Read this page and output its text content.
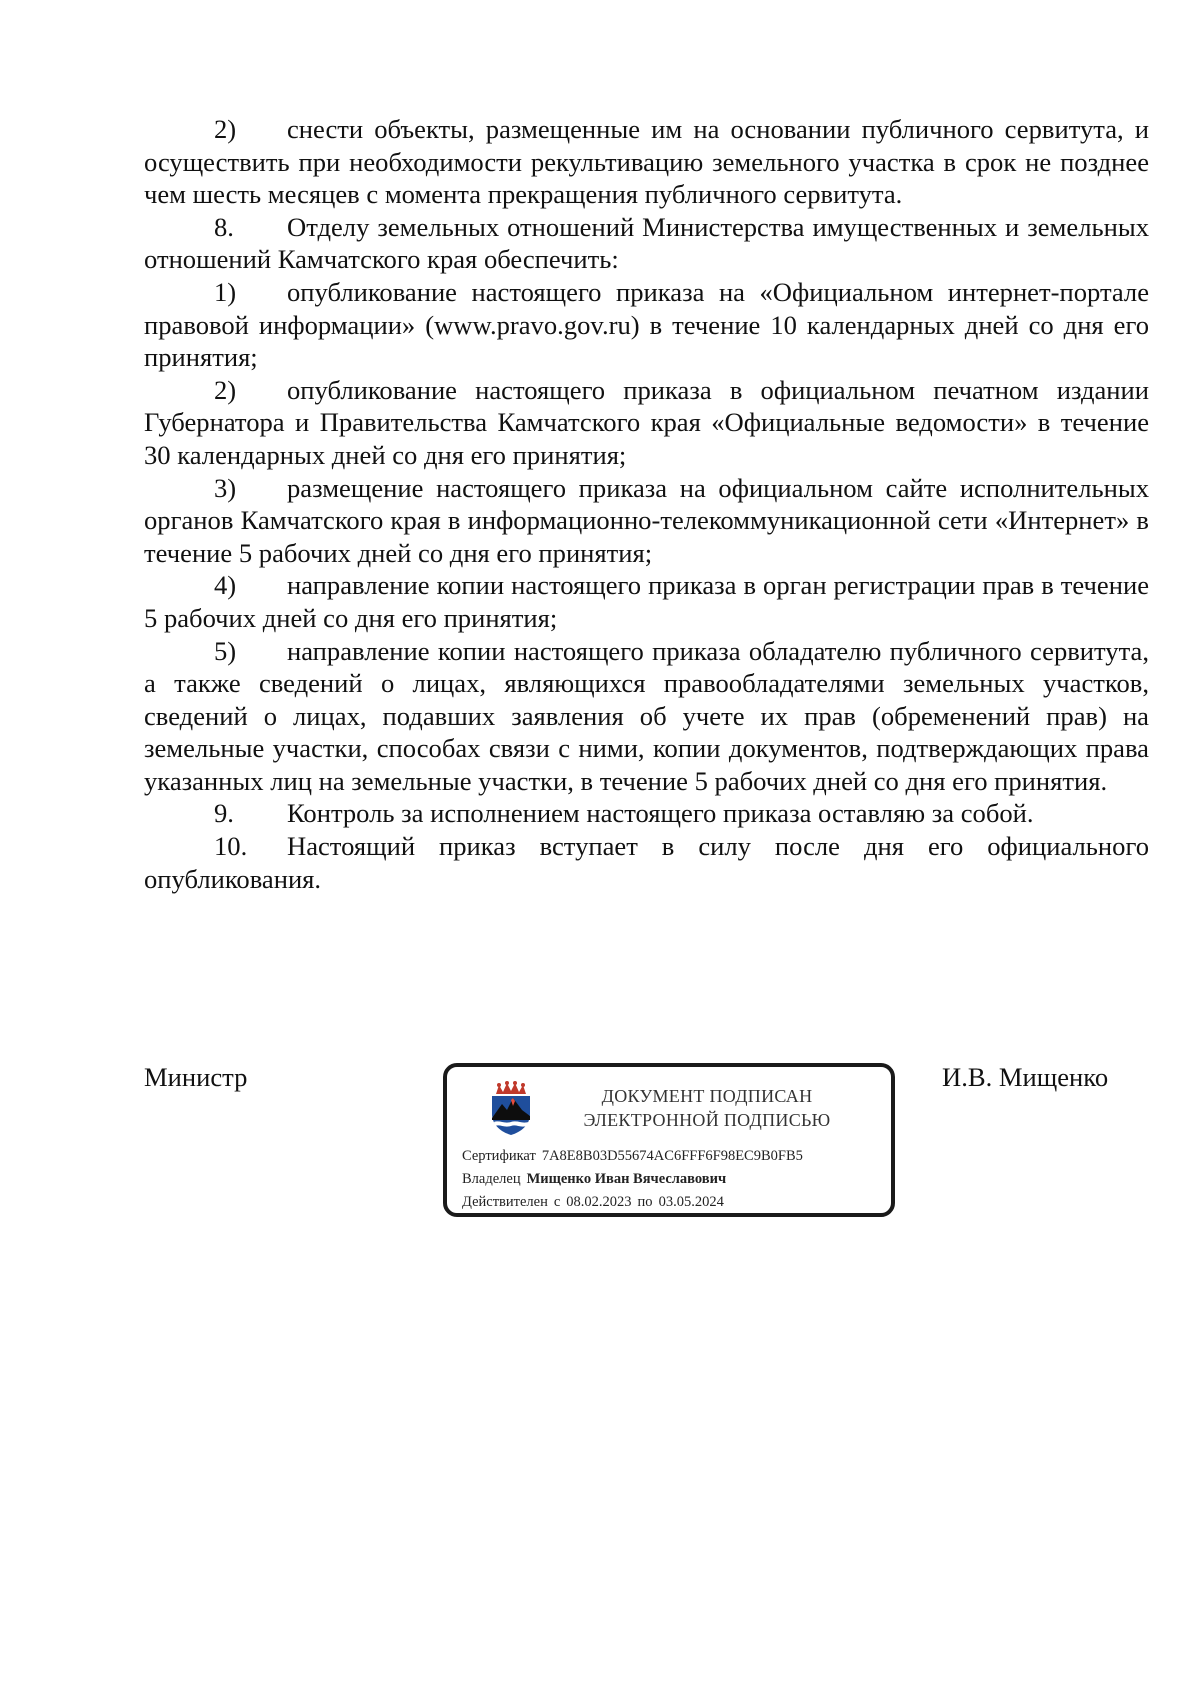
2) снести объекты, размещенные им на основании публичного сервитута, и осуществить при необходимости рекультивацию земельного участка в срок не позднее чем шесть месяцев с момента прекращения публичного сервитута.

8. Отделу земельных отношений Министерства имущественных и земельных отношений Камчатского края обеспечить:

1) опубликование настоящего приказа на «Официальном интернет-портале правовой информации» (www.pravo.gov.ru) в течение 10 календарных дней со дня его принятия;

2) опубликование настоящего приказа в официальном печатном издании Губернатора и Правительства Камчатского края «Официальные ведомости» в течение 30 календарных дней со дня его принятия;

3) размещение настоящего приказа на официальном сайте исполнительных органов Камчатского края в информационно-телекоммуникационной сети «Интернет» в течение 5 рабочих дней со дня его принятия;

4) направление копии настоящего приказа в орган регистрации прав в течение 5 рабочих дней со дня его принятия;

5) направление копии настоящего приказа обладателю публичного сервитута, а также сведений о лицах, являющихся правообладателями земельных участков, сведений о лицах, подавших заявления об учете их прав (обременений прав) на земельные участки, способах связи с ними, копии документов, подтверждающих права указанных лиц на земельные участки, в течение 5 рабочих дней со дня его принятия.

9. Контроль за исполнением настоящего приказа оставляю за собой.

10. Настоящий приказ вступает в силу после дня его официального опубликования.

Министр	И.В. Мищенко
ДОКУМЕНТ ПОДПИСАН
ЭЛЕКТРОННОЙ ПОДПИСЬЮ
Сертификат 7A8E8B03D55674AC6FFF6F98EC9B0FB5
Владелец Мищенко Иван Вячеславович
Действителен с 08.02.2023 по 03.05.2024
